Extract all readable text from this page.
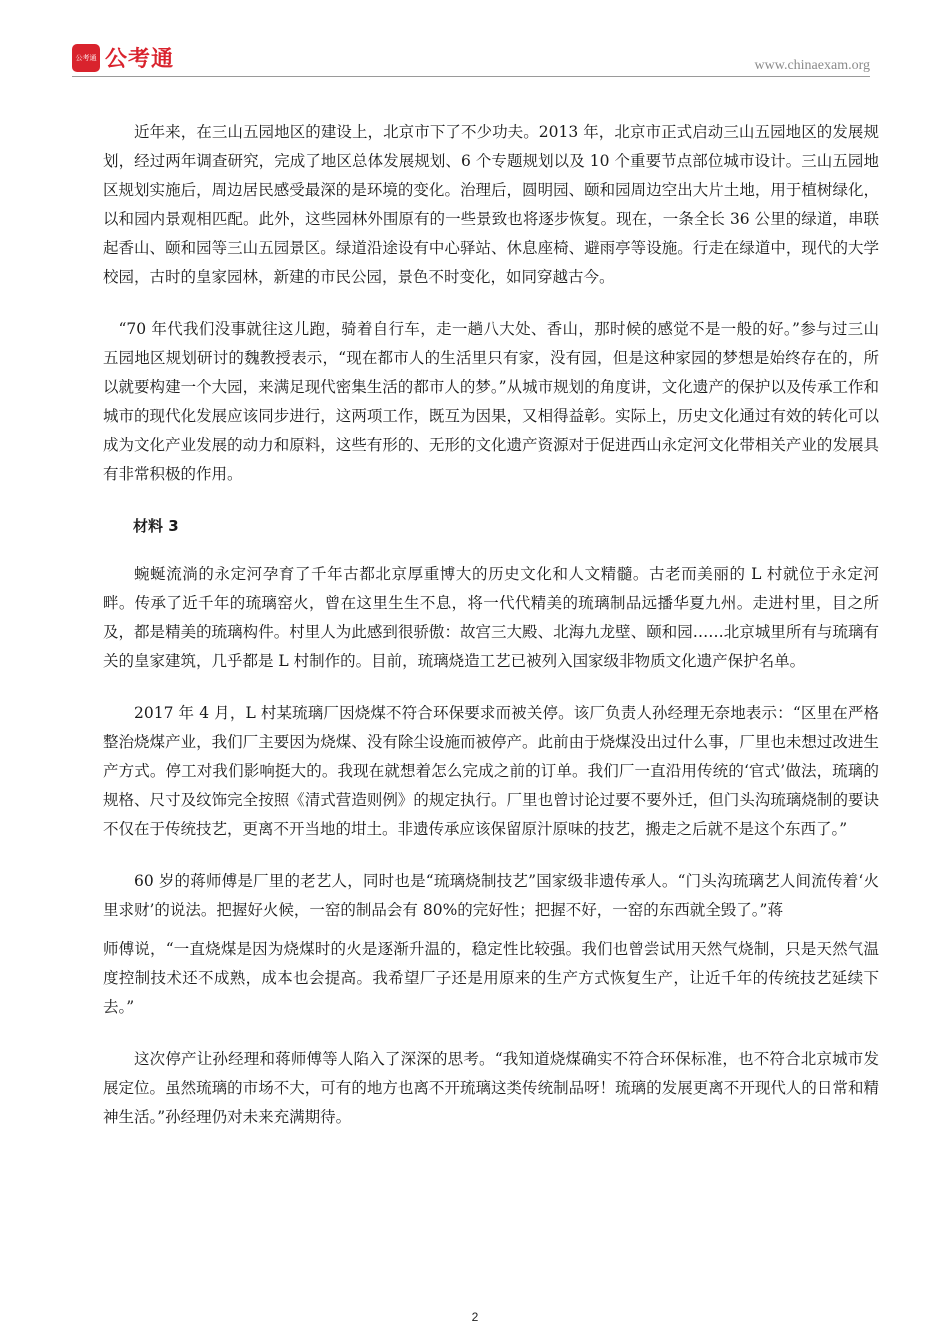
公考通 公考通	www.chinaexam.org

近年来，在三山五园地区的建设上，北京市下了不少功夫。2013 年，北京市正式启动三山五园地区的发展规划，经过两年调查研究，完成了地区总体发展规划、6 个专题规划以及 10 个重要节点部位城市设计。三山五园地区规划实施后，周边居民感受最深的是环境的变化。治理后，圆明园、颐和园周边空出大片土地，用于植树绿化，以和园内景观相匹配。此外，这些园林外围原有的一些景致也将逐步恢复。现在，一条全长 36 公里的绿道，串联起香山、颐和园等三山五园景区。绿道沿途设有中心驿站、休息座椅、避雨亭等设施。行走在绿道中，现代的大学校园，古时的皇家园林，新建的市民公园，景色不时变化，如同穿越古今。

“70 年代我们没事就往这儿跑，骑着自行车，走一趟八大处、香山，那时候的感觉不是一般的好。”参与过三山五园地区规划研讨的魏教授表示，“现在都市人的生活里只有家，没有园，但是这种家园的梦想是始终存在的，所以就要构建一个大园，来满足现代密集生活的都市人的梦。”从城市规划的角度讲，文化遗产的保护以及传承工作和城市的现代化发展应该同步进行，这两项工作，既互为因果，又相得益彰。实际上，历史文化通过有效的转化可以成为文化产业发展的动力和原料，这些有形的、无形的文化遗产资源对于促进西山永定河文化带相关产业的发展具有非常积极的作用。

材料 3

蜿蜒流淌的永定河孕育了千年古都北京厚重博大的历史文化和人文精髓。古老而美丽的 L 村就位于永定河畔。传承了近千年的琉璃窑火，曾在这里生生不息，将一代代精美的琉璃制品远播华夏九州。走进村里，目之所及，都是精美的琉璃构件。村里人为此感到很骄傲：故宫三大殿、北海九龙壁、颐和园……北京城里所有与琉璃有关的皇家建筑，几乎都是 L 村制作的。目前，琉璃烧造工艺已被列入国家级非物质文化遗产保护名单。

2017 年 4 月，L 村某琉璃厂因烧煤不符合环保要求而被关停。该厂负责人孙经理无奈地表示：“区里在严格整治烧煤产业，我们厂主要因为烧煤、没有除尘设施而被停产。此前由于烧煤没出过什么事，厂里也未想过改进生产方式。停工对我们影响挺大的。我现在就想着怎么完成之前的订单。我们厂一直沿用传统的‘官式’做法，琉璃的规格、尺寸及纹饰完全按照《清式营造则例》的规定执行。厂里也曾讨论过要不要外迁，但门头沟琉璃烧制的要诀不仅在于传统技艺，更离不开当地的坩土。非遗传承应该保留原汁原味的技艺，搬走之后就不是这个东西了。”

60 岁的蒋师傅是厂里的老艺人，同时也是“琉璃烧制技艺”国家级非遗传承人。“门头沟琉璃艺人间流传着‘火里求财’的说法。把握好火候，一窑的制品会有 80%的完好性；把握不好，一窑的东西就全毁了。”蒋

师傅说，“一直烧煤是因为烧煤时的火是逐渐升温的，稳定性比较强。我们也曾尝试用天然气烧制，只是天然气温度控制技术还不成熟，成本也会提高。我希望厂子还是用原来的生产方式恢复生产，让近千年的传统技艺延续下去。”

这次停产让孙经理和蒋师傅等人陷入了深深的思考。“我知道烧煤确实不符合环保标准，也不符合北京城市发展定位。虽然琉璃的市场不大，可有的地方也离不开琉璃这类传统制品呀！琉璃的发展更离不开现代人的日常和精神生活。”孙经理仍对未来充满期待。

2
